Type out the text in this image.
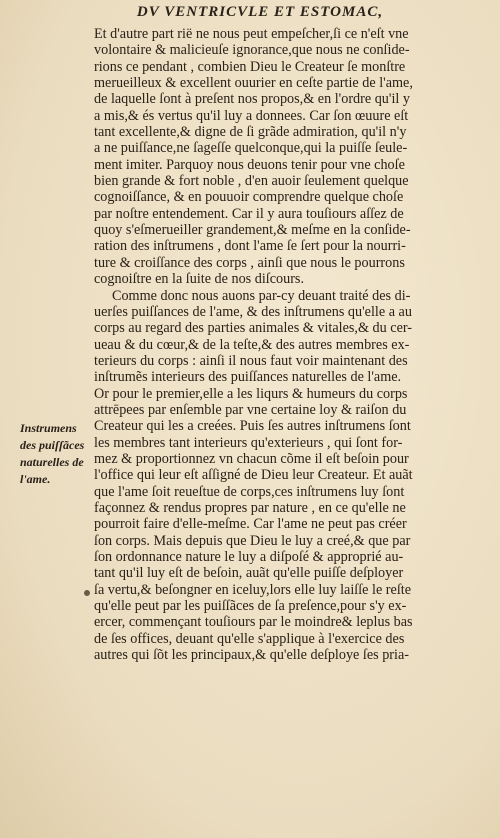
DV VENTRICVLE ET ESTOMAC,
Instrumens
des puiſſãces
naturelles de
l'ame.
Et d'autre part rië ne nous peut empeſcher,ſi ce n'eſt vne
volontaire & malicieuſe ignorance,que nous ne conſide-
rions ce pendant , combien Dieu le Createur ſe monſtre
merueilleux & excellent ouurier en ceſte partie de l'ame,
de laquelle ſont à preſent nos propos,& en l'ordre qu'il y
a mis,& és vertus qu'il luy a donnees. Car ſon œuure eſt
tant excellente,& digne de ſi grãde admiration, qu'il n'y
a ne puiſſance,ne ſageſſe quelconque,qui la puiſſe ſeule-
ment imiter. Parquoy nous deuons tenir pour vne choſe
bien grande & fort noble , d'en auoir ſeulement quelque
cognoiſſance, & en pouuoir comprendre quelque choſe
par noſtre entendement. Car il y aura touſiours aſſez de
quoy s'eſmerueiller grandement,& meſme en la conſide-
ration des inſtrumens , dont l'ame ſe ſert pour la nourri-
ture & croiſſance des corps , ainſi que nous le pourrons
cognoiſtre en la ſuite de nos diſcours.
Comme donc nous auons par-cy deuant traité des di-
uerſes puiſſances de l'ame, & des inſtrumens qu'elle a au
corps au regard des parties animales & vitales,& du cer-
ueau & du cœur,& de la teſte,& des autres membres ex-
terieurs du corps : ainſi il nous faut voir maintenant des
inſtrumẽs interieurs des puiſſances naturelles de l'ame.
Or pour le premier,elle a les liqurs & humeurs du corps
attrēpees par enſemble par vne certaine loy & raiſon du
Createur qui les a creées. Puis ſes autres inſtrumens ſont
les membres tant interieurs qu'exterieurs , qui ſont for-
mez & proportionnez vn chacun cõme il eſt beſoin pour
l'office qui leur eſt aſſigné de Dieu leur Createur. Et auãt
que l'ame ſoit reueſtue de corps,ces inſtrumens luy ſont
façonnez & rendus propres par nature , en ce qu'elle ne
pourroit faire d'elle-meſme. Car l'ame ne peut pas créer
ſon corps. Mais depuis que Dieu le luy a creé,& que par
ſon ordonnance nature le luy a diſpoſé & approprié au-
tant qu'il luy eſt de beſoin, auãt qu'elle puiſſe deſployer
ſa vertu,& beſongner en iceluy,lors elle luy laiſſe le reſte
qu'elle peut par les puiſſãces de ſa preſence,pour s'y ex-
ercer, commençant touſiours par le moindre& leplus bas
de ſes offices, deuant qu'elle s'applique à l'exercice des
autres qui ſõt les principaux,& qu'elle deſploye ſes pria-
